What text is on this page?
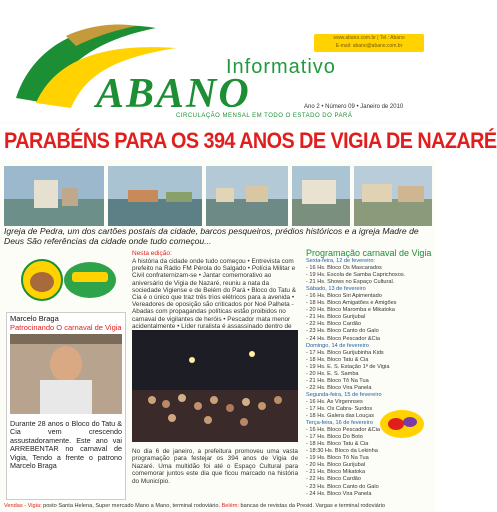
www.abano.com.br | Tel.: Abano
E-mail: abano@abano.com.br
Informativo
ABANO	Ano 2 • Número 09 • Janeiro de 2010
CIRCULAÇÃO MENSAL EM TODO O ESTADO DO PARÁ
PARABÉNS PARA OS 394 ANOS DE VIGIA DE NAZARÉ
Igreja de Pedra, um dos cartões postais da cidade, barcos pesqueiros, prédios históricos e a igreja Madre de Deus São referências da cidade onde tudo começou...
Marcelo Braga
Patrocinando O carnaval de Vigia
Durante 28 anos o Bloco do Tatu & Cia vem crescendo assustadoramente. Este ano vai ARREBENTAR no carnaval de Vigia, Tendo a frente o patrono Marcelo Braga
Nesta edição:
A história da cidade onde tudo começou • Entrevista com prefeito na Rádio FM Pérola do Salgado • Polícia Militar e Civil confraternizam-se • Jantar comemorativo ao aniversário de Vigia de Nazaré, reuniu a nata da sociedade Vigiense e de Belém do Pará • Bloco do Tatu & Cia é o único que traz três trios elétricos para a avenida • Vereadores de oposição são criticados por Noé Palheta - Abadas com propagandas políticas estão proibidos no carnaval de vigilantes de heróis • Pescador mata menor acidentalmente • Líder ruralista é assassinado dentro de
No dia 6 de janeiro, a prefeitura promoveu uma vasta programação para festejar os 394 anos de Vigia de Nazaré. Uma multidão foi até o Espaço Cultural para comemorar juntos este dia que ficou marcado na história do Município.
Programação carnaval de Vigia
Sexta-feira, 12 de fevereiro:
- 16 Hs. Bloco Os Mascarados
- 19 Hs. Escola de Samba Caprichosos.
- 21 Hs. Shows no Espaço Cultural.
Sábado, 13 de fevereiro
- 16 Hs. Bloco Siri Apimentado
- 18 Hs. Bloco Amigatões e Amigões
- 20 Hs. Bloco Maromba e Mikatoka
- 21 Hs. Bloco Gurijubal
- 22 Hs. Bloco Cardão
- 23 Hs. Bloco Canto do Galo
- 24 Hs. Bloco Pescador &Cia
Domingo, 14 de fevereiro
- 17 Hs. Bloco Gurijubinha Kids
- 18 Hs. Bloco Tatu & Cia
- 19 Hs. E. S. Estação 1ª de Vigia
- 20 Hs. E. S. Samba
- 21 Hs. Bloco Tô Na Tua
- 22 Hs. Bloco Vira Panela
Segunda-feira, 15 de fevereiro
- 16 Hs. As Virgennses
- 17 Hs. Os Cabra- Surdos
- 18 Hs. Galera das Louças
Terça-feira, 16 de fevereiro
- 16 Hs. Bloco Pescador &Cia
- 17 Hs. Bloco Do Boto
- 18 Hs. Bloco Tatu & Cia
- 18:30 Hs. Bloco da Lekinha
- 19 Hs. Bloco Tô Na Tua
- 20 Hs. Bloco Gurijubal
- 21 Hs. Bloco Mikatoka
- 22 Hs. Bloco Cardão
- 23 Hs. Bloco Canto do Galo
- 24 Hs. Bloco Vira Panela
Vendas - Vigia: posto Santa Helena, Super mercado Mano a Mano, terminal rodoviário. Belém: bancas de revistas da Presid. Vargas e terminal rodoviário
